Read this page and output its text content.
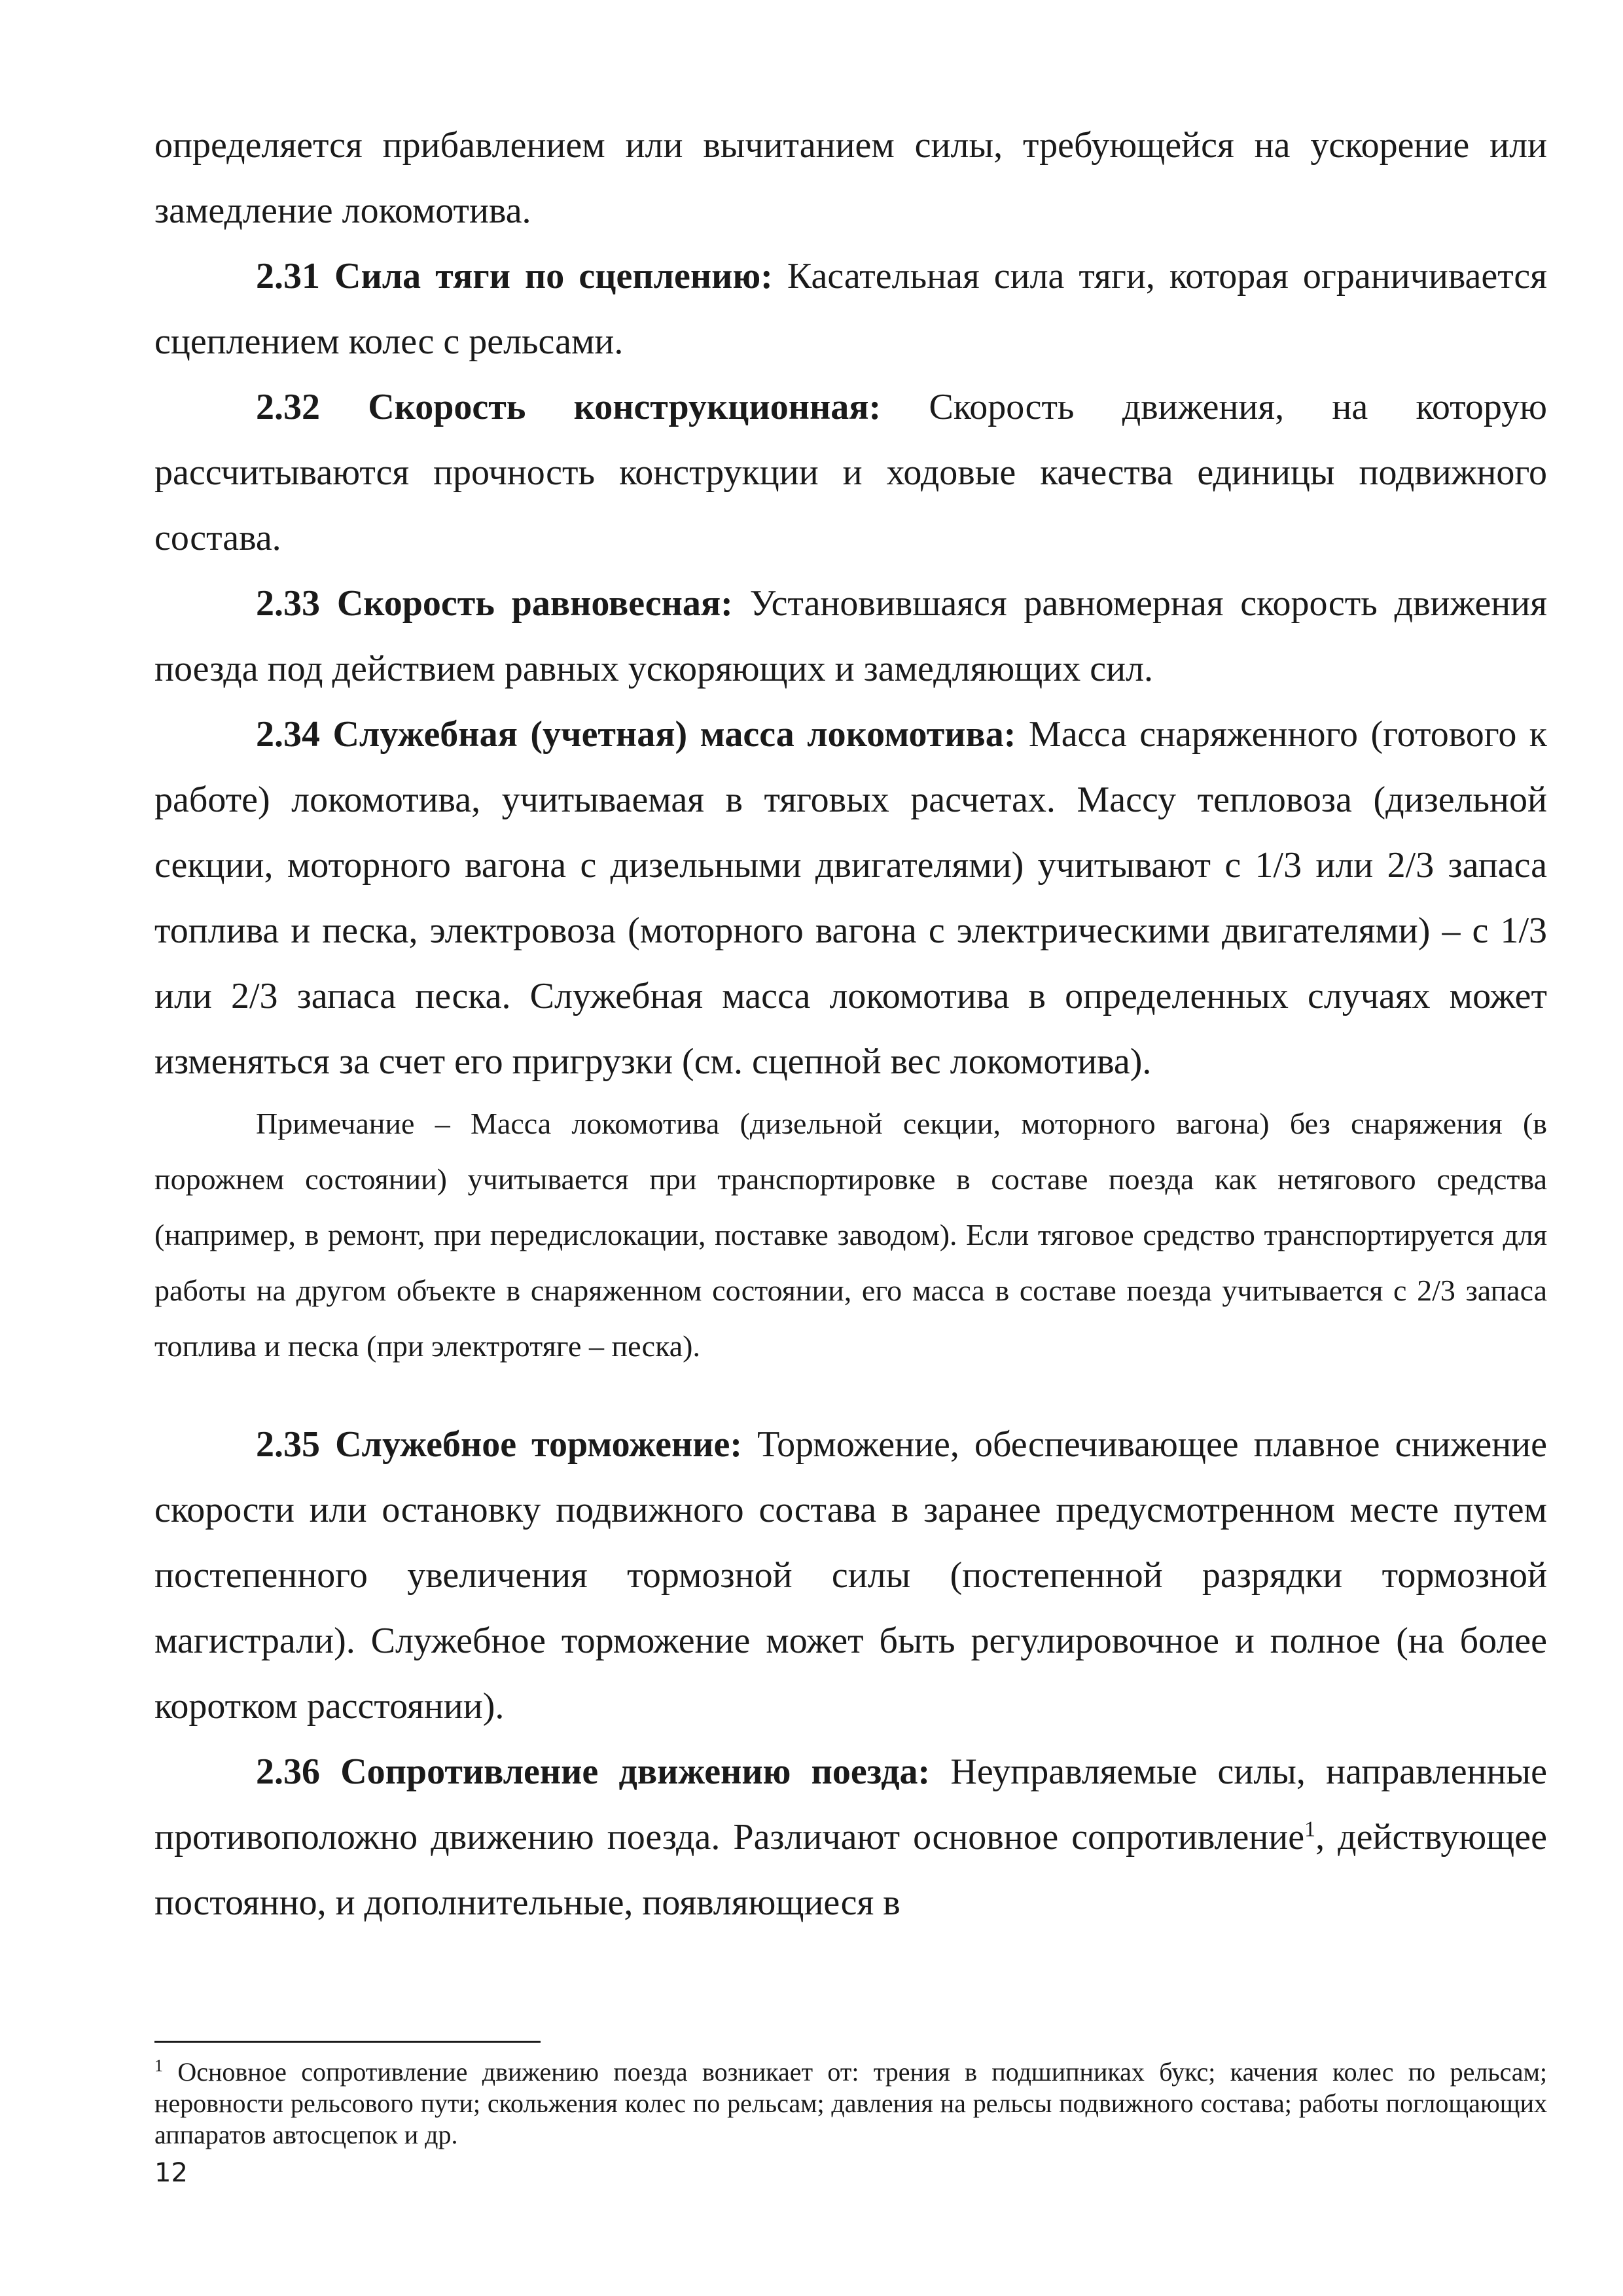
определяется прибавлением или вычитанием силы, требующейся на ускорение или замедление локомотива.

2.31 Сила тяги по сцеплению: Касательная сила тяги, которая ограничивается сцеплением колес с рельсами.

2.32 Скорость конструкционная: Скорость движения, на которую рассчитываются прочность конструкции и ходовые качества единицы подвижного состава.

2.33 Скорость равновесная: Установившаяся равномерная скорость движения поезда под действием равных ускоряющих и замедляющих сил.

2.34 Служебная (учетная) масса локомотива: Масса снаряженного (готового к работе) локомотива, учитываемая в тяговых расчетах. Массу тепловоза (дизельной секции, моторного вагона с дизельными двигателями) учитывают с 1/3 или 2/3 запаса топлива и песка, электровоза (моторного вагона с электрическими двигателями) – с 1/3 или 2/3 запаса песка. Служебная масса локомотива в определенных случаях может изменяться за счет его пригрузки (см. сцепной вес локомотива).

Примечание – Масса локомотива (дизельной секции, моторного вагона) без снаряжения (в порожнем состоянии) учитывается при транспортировке в составе поезда как нетягового средства (например, в ремонт, при передислокации, поставке заводом). Если тяговое средство транспортируется для работы на другом объекте в снаряженном состоянии, его масса в составе поезда учитывается с 2/3 запаса топлива и песка (при электротяге – песка).

2.35 Служебное торможение: Торможение, обеспечивающее плавное снижение скорости или остановку подвижного состава в заранее предусмотренном месте путем постепенного увеличения тормозной силы (постепенной разрядки тормозной магистрали). Служебное торможение может быть регулировочное и полное (на более коротком расстоянии).

2.36 Сопротивление движению поезда: Неуправляемые силы, направленные противоположно движению поезда. Различают основное сопротивление$^1$, действующее постоянно, и дополнительные, появляющиеся в

$^1$ Основное сопротивление движению поезда возникает от: трения в подшипниках букс; качения колес по рельсам; неровности рельсового пути; скольжения колес по рельсам; давления на рельсы подвижного состава; работы поглощающих аппаратов автосцепок и др.

12
